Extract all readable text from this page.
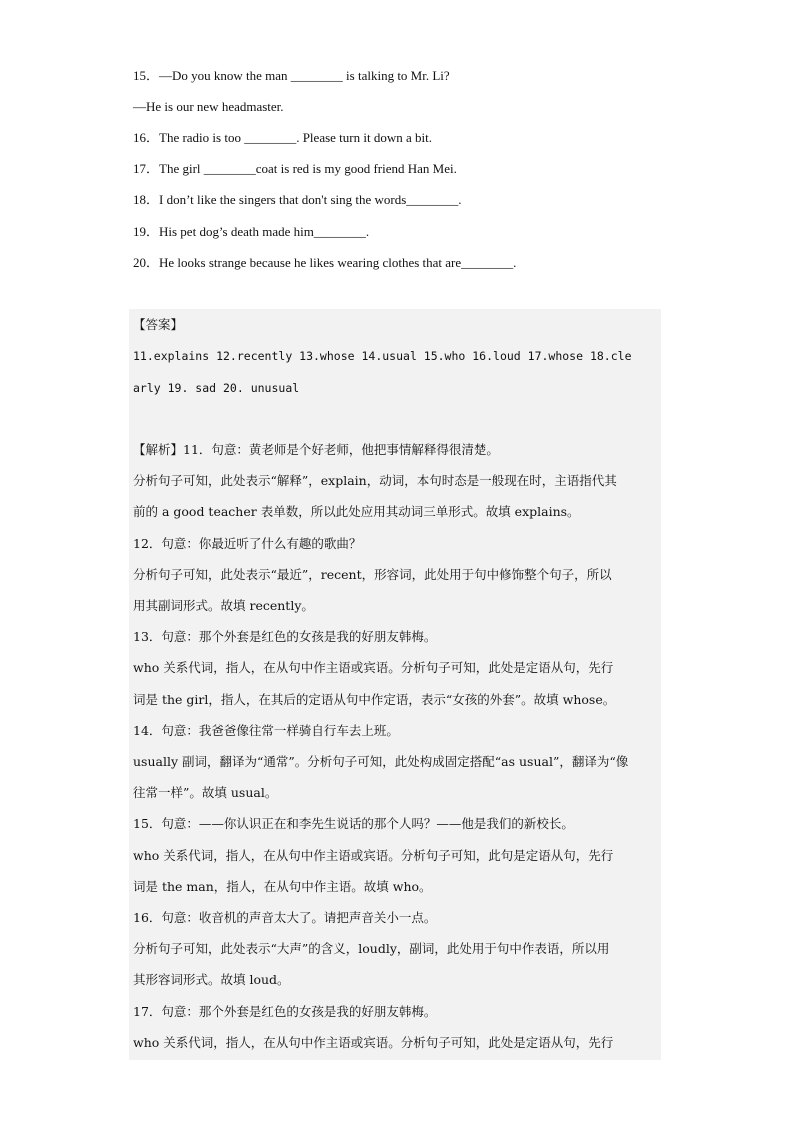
15．—Do you know the man ________ is talking to Mr. Li?
—He is our new headmaster.
16．The radio is too ________. Please turn it down a bit.
17．The girl ________coat is red is my good friend Han Mei.
18．I don’t like the singers that don't sing the words________.
19．His pet dog’s death made him________.
20．He looks strange because he likes wearing clothes that are________.
【答案】
11.explains 12.recently 13.whose 14.usual 15.who 16.loud 17.whose 18.cle
arly 19. sad 20. unusual
【解析】11．句意：黄老师是个好老师，他把事情解释得很清楚。
分析句子可知，此处表示“解释”，explain，动词，本句时态是一般现在时，主语指代其
前的 a good teacher 表单数，所以此处应用其动词三单形式。故填 explains。
12．句意：你最近听了什么有趣的歌曲？
分析句子可知，此处表示“最近”，recent，形容词，此处用于句中修饰整个句子，所以
用其副词形式。故填 recently。
13．句意：那个外套是红色的女孩是我的好朋友韩梅。
who 关系代词，指人，在从句中作主语或宾语。分析句子可知，此处是定语从句，先行
词是 the girl，指人，在其后的定语从句中作定语，表示“女孩的外套”。故填 whose。
14．句意：我爸爸像往常一样骑自行车去上班。
usually 副词，翻译为“通常”。分析句子可知，此处构成固定搭配“as usual”，翻译为“像
往常一样”。故填 usual。
15．句意：——你认识正在和李先生说话的那个人吗？——他是我们的新校长。
who 关系代词，指人，在从句中作主语或宾语。分析句子可知，此句是定语从句，先行
词是 the man，指人，在从句中作主语。故填 who。
16．句意：收音机的声音太大了。请把声音关小一点。
分析句子可知，此处表示“大声”的含义，loudly，副词，此处用于句中作表语，所以用
其形容词形式。故填 loud。
17．句意：那个外套是红色的女孩是我的好朋友韩梅。
who 关系代词，指人，在从句中作主语或宾语。分析句子可知，此处是定语从句，先行
